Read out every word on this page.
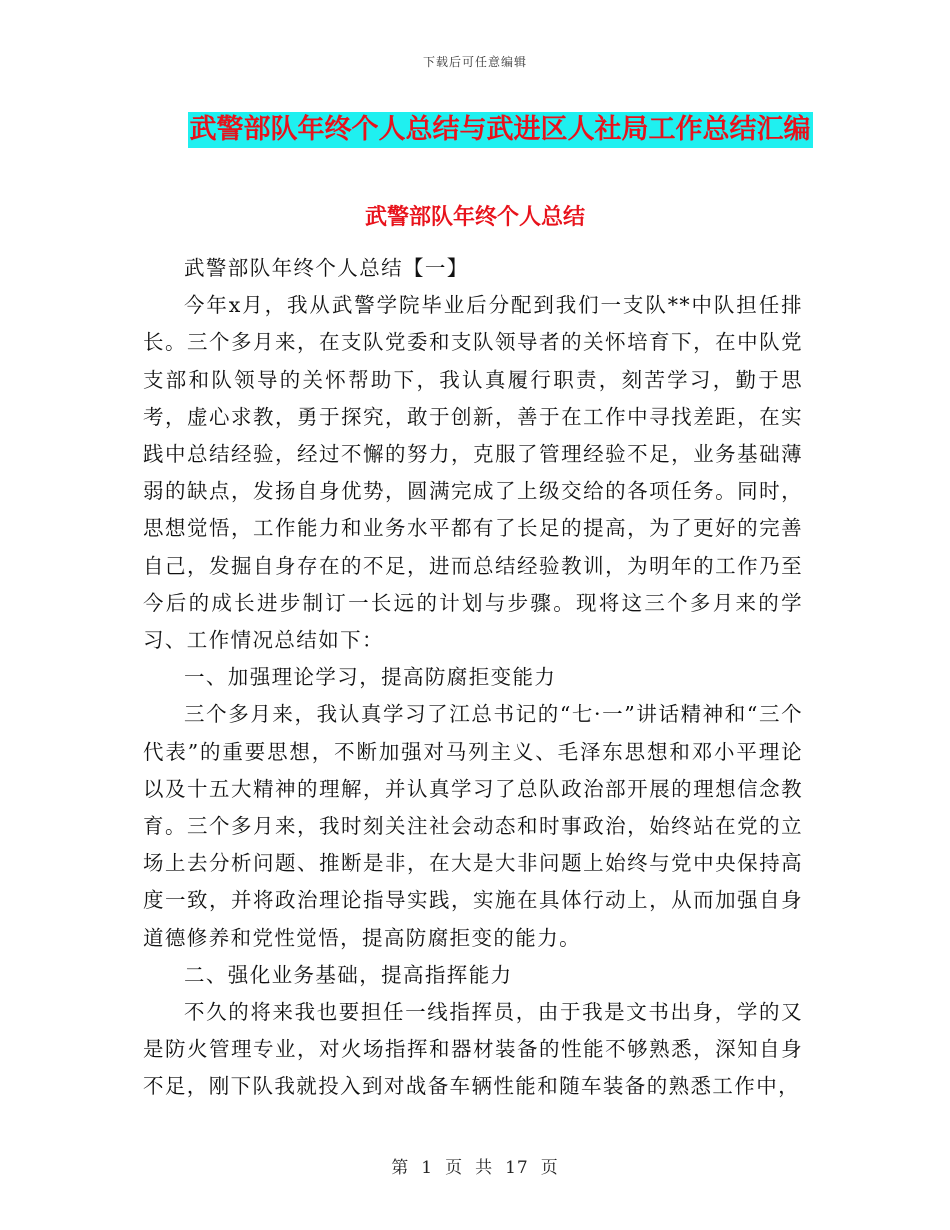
下载后可任意编辑
武警部队年终个人总结与武进区人社局工作总结汇编
武警部队年终个人总结

武警部队年终个人总结【一】

今年x月，我从武警学院毕业后分配到我们一支队**中队担任排长。三个多月来，在支队党委和支队领导者的关怀培育下，在中队党支部和队领导的关怀帮助下，我认真履行职责，刻苦学习，勤于思考，虚心求教，勇于探究，敢于创新，善于在工作中寻找差距，在实践中总结经验，经过不懈的努力，克服了管理经验不足，业务基础薄弱的缺点，发扬自身优势，圆满完成了上级交给的各项任务。同时，思想觉悟，工作能力和业务水平都有了长足的提高，为了更好的完善自己，发掘自身存在的不足，进而总结经验教训，为明年的工作乃至今后的成长进步制订一长远的计划与步骤。现将这三个多月来的学习、工作情况总结如下：

一、加强理论学习，提高防腐拒变能力

三个多月来，我认真学习了江总书记的“七·一”讲话精神和“三个代表”的重要思想，不断加强对马列主义、毛泽东思想和邓小平理论以及十五大精神的理解，并认真学习了总队政治部开展的理想信念教育。三个多月来，我时刻关注社会动态和时事政治，始终站在党的立场上去分析问题、推断是非，在大是大非问题上始终与党中央保持高度一致，并将政治理论指导实践，实施在具体行动上，从而加强自身道德修养和党性觉悟，提高防腐拒变的能力。

二、强化业务基础，提高指挥能力

不久的将来我也要担任一线指挥员，由于我是文书出身，学的又是防火管理专业，对火场指挥和器材装备的性能不够熟悉，深知自身不足，刚下队我就投入到对战备车辆性能和随车装备的熟悉工作中，

第 1 页 共 17 页
